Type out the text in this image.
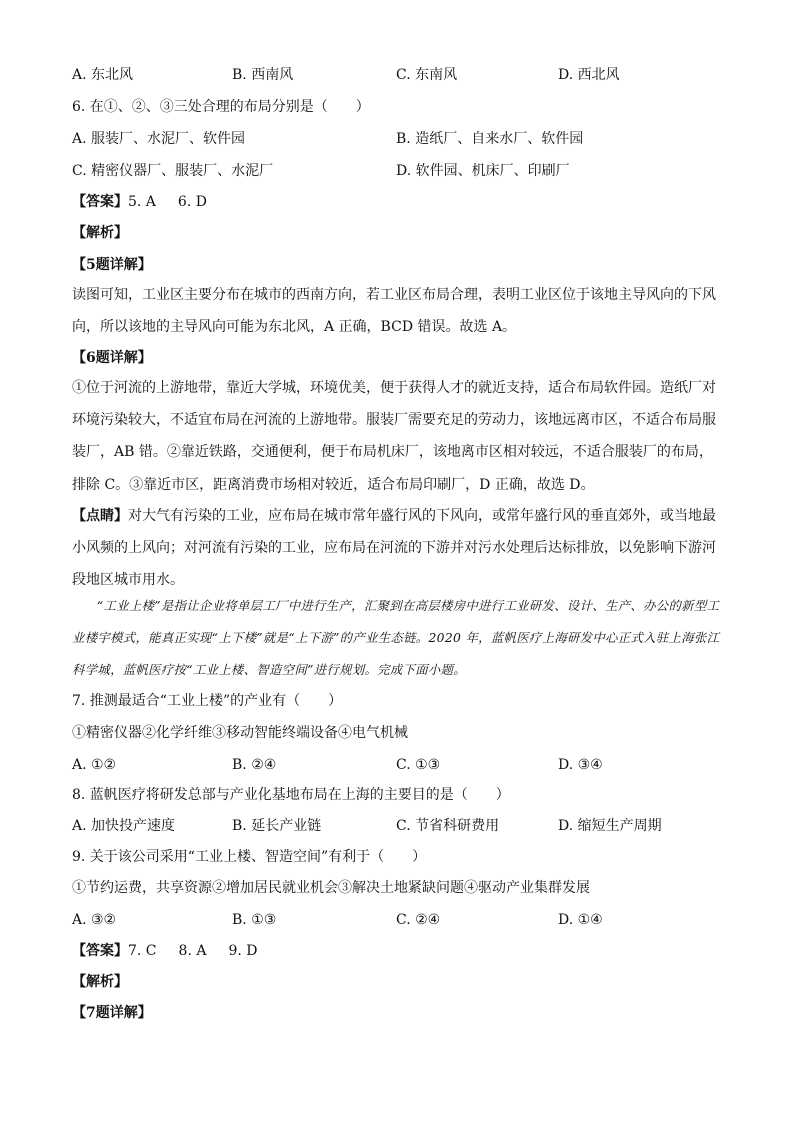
A. 东北风	B. 西南风	C. 东南风	D. 西北风
6. 在①、②、③三处合理的布局分别是（　　）
A. 服装厂、水泥厂、软件园	B. 造纸厂、自来水厂、软件园
C. 精密仪器厂、服装厂、水泥厂	D. 软件园、机床厂、印刷厂
【答案】5. A 6. D
【解析】
【5题详解】
读图可知，工业区主要分布在城市的西南方向，若工业区布局合理，表明工业区位于该地主导风向的下风向，所以该地的主导风向可能为东北风，A 正确，BCD 错误。故选 A。
【6题详解】
①位于河流的上游地带，靠近大学城，环境优美，便于获得人才的就近支持，适合布局软件园。造纸厂对环境污染较大，不适宜布局在河流的上游地带。服装厂需要充足的劳动力，该地远离市区，不适合布局服装厂，AB 错。②靠近铁路，交通便利，便于布局机床厂，该地离市区相对较远，不适合服装厂的布局，排除 C。③靠近市区，距离消费市场相对较近，适合布局印刷厂，D 正确，故选 D。
【点睛】对大气有污染的工业，应布局在城市常年盛行风的下风向，或常年盛行风的垂直郊外，或当地最小风频的上风向；对河流有污染的工业，应布局在河流的下游并对污水处理后达标排放，以免影响下游河段地区城市用水。
“工业上楼”是指让企业将单层工厂中进行生产，汇聚到在高层楼房中进行工业研发、设计、生产、办公的新型工业楼宇模式，能真正实现“上下楼”就是“上下游”的产业生态链。2020 年，蓝帆医疗上海研发中心正式入驻上海张江科学城，蓝帆医疗按“工业上楼、智造空间”进行规划。完成下面小题。
7. 推测最适合“工业上楼”的产业有（　　）
①精密仪器②化学纤维③移动智能终端设备④电气机械
A. ①②	B. ②④	C. ①③	D. ③④
8. 蓝帆医疗将研发总部与产业化基地布局在上海的主要目的是（　　）
A. 加快投产速度	B. 延长产业链	C. 节省科研费用	D. 缩短生产周期
9. 关于该公司采用“工业上楼、智造空间”有利于（　　）
①节约运费，共享资源②增加居民就业机会③解决土地紧缺问题④驱动产业集群发展
A. ③②	B. ①③	C. ②④	D. ①④
【答案】7. C 8. A 9. D
【解析】
【7题详解】
